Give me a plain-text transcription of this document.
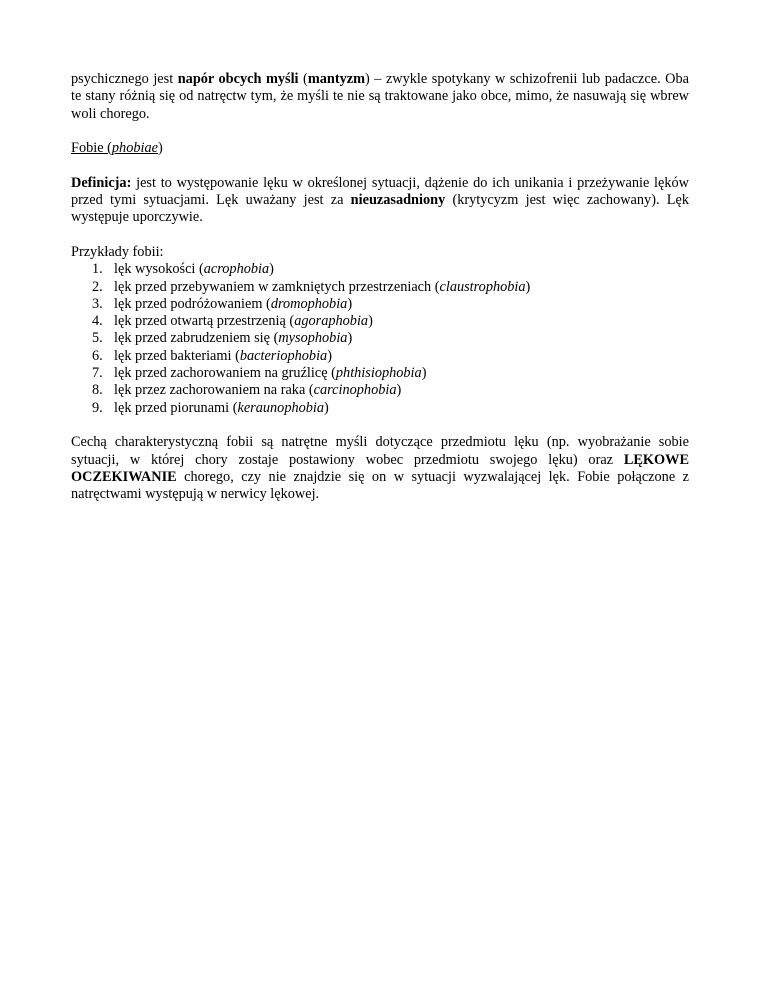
psychicznego jest napór obcych myśli (mantyzm) – zwykle spotykany w schizofrenii lub padaczce. Oba te stany różnią się od natręctw tym, że myśli te nie są traktowane jako obce, mimo, że nasuwają się wbrew woli chorego.

Fobie (phobiae)

Definicja: jest to występowanie lęku w określonej sytuacji, dążenie do ich unikania i przeżywanie lęków przed tymi sytuacjami. Lęk uważany jest za nieuzasadniony (krytycyzm jest więc zachowany). Lęk występuje uporczywie.

Przykłady fobii:

1. lęk wysokości (acrophobia)
2. lęk przed przebywaniem w zamkniętych przestrzeniach (claustrophobia)
3. lęk przed podróżowaniem (dromophobia)
4. lęk przed otwartą przestrzenią (agoraphobia)
5. lęk przed zabrudzeniem się (mysophobia)
6. lęk przed bakteriami (bacteriophobia)
7. lęk przed zachorowaniem na gruźlicę (phthisiophobia)
8. lęk przez zachorowaniem na raka (carcinophobia)
9. lęk przed piorunami (keraunophobia)

Cechą charakterystyczną fobii są natrętne myśli dotyczące przedmiotu lęku (np. wyobrażanie sobie sytuacji, w której chory zostaje postawiony wobec przedmiotu swojego lęku) oraz LĘKOWE OCZEKIWANIE chorego, czy nie znajdzie się on w sytuacji wyzwalającej lęk. Fobie połączone z natręctwami występują w nerwicy lękowej.
